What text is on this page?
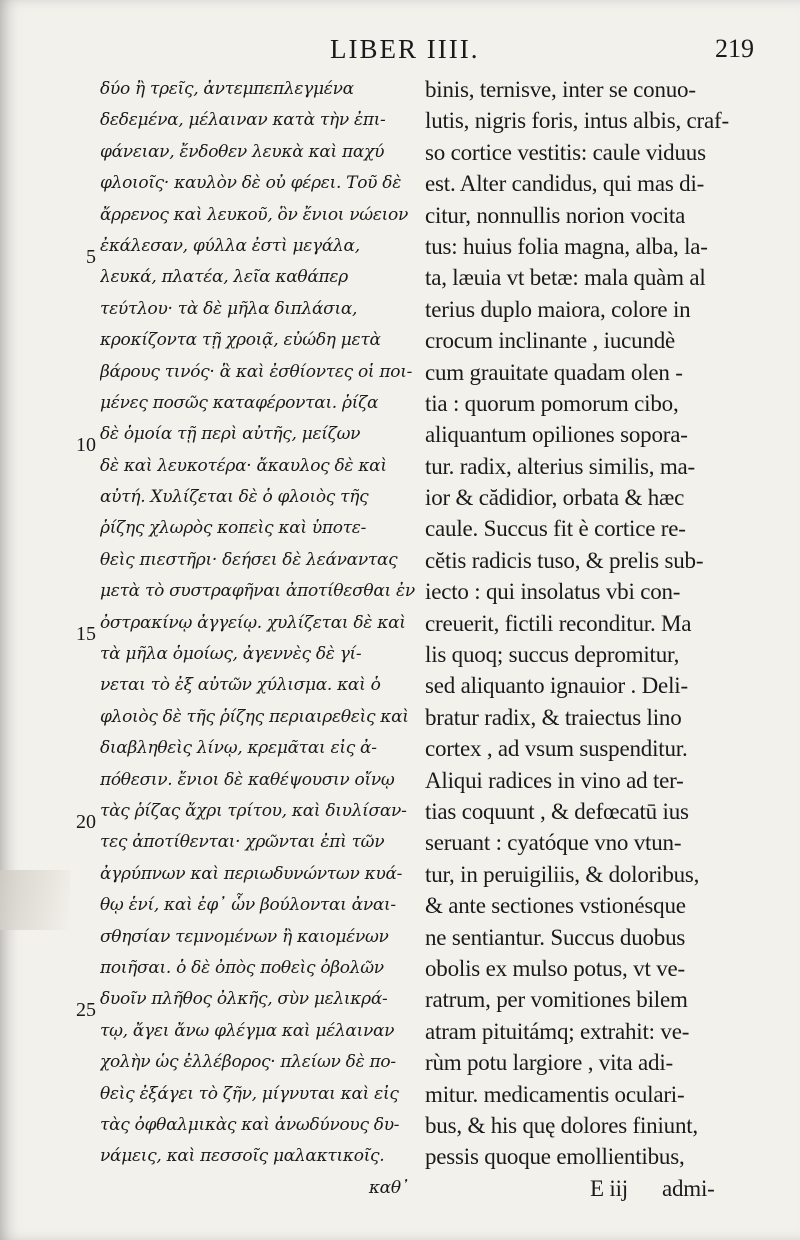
LIBER IIII.	219
5
10
15
20
25
δύο ἢ τρεῖς, ἀντεμπεπλεγμένα
δεδεμένα, μέλαιναν κατὰ τὴν ἐπι-
φάνειαν, ἔνδοθεν λευκὰ καὶ παχύ
φλοιοῖς· καυλὸν δὲ οὐ φέρει. Τοῦ δὲ
ἄρρενος καὶ λευκοῦ, ὃν ἔνιοι νώειον
ἐκάλεσαν, φύλλα ἐστὶ μεγάλα,
λευκά, πλατέα, λεῖα καθάπερ
τεύτλου· τὰ δὲ μῆλα διπλάσια,
κροκίζοντα τῇ χροιᾷ, εὐώδη μετὰ
βάρους τινός· ἃ καὶ ἐσθίοντες οἱ ποι-
μένες ποσῶς καταφέρονται. ῥίζα
δὲ ὁμοία τῇ περὶ αὐτῆς, μείζων
δὲ καὶ λευκοτέρα· ἄκαυλος δὲ καὶ
αὐτή. Χυλίζεται δὲ ὁ φλοιὸς τῆς
ῥίζης χλωρὸς κοπεὶς καὶ ὑποτε-
θεὶς πιεστῆρι· δεήσει δὲ λεάναντας
μετὰ τὸ συστραφῆναι ἀποτίθεσθαι ἐν
ὀστρακίνῳ ἀγγείῳ. χυλίζεται δὲ καὶ
τὰ μῆλα ὁμοίως, ἀγεννὲς δὲ γί-
νεται τὸ ἐξ αὐτῶν χύλισμα. καὶ ὁ
φλοιὸς δὲ τῆς ῥίζης περιαιρεθεὶς καὶ
διαβληθεὶς λίνῳ, κρεμᾶται εἰς ἀ-
πόθεσιν. ἔνιοι δὲ καθέψουσιν οἴνῳ
τὰς ῥίζας ἄχρι τρίτου, καὶ διυλίσαν-
τες ἀποτίθενται· χρῶνται ἐπὶ τῶν
ἀγρύπνων καὶ περιωδυνώντων κυά-
θῳ ἑνί, καὶ ἐφ᾽ ὧν βούλονται ἀναι-
σθησίαν τεμνομένων ἢ καιομένων
ποιῆσαι. ὁ δὲ ὀπὸς ποθεὶς ὀβολῶν
δυοῖν πλῆθος ὀλκῆς, σὺν μελικρά-
τῳ, ἄγει ἄνω φλέγμα καὶ μέλαιναν
χολὴν ὡς ἐλλέβορος· πλείων δὲ πο-
θεὶς ἐξάγει τὸ ζῆν, μίγνυται καὶ εἰς
τὰς ὀφθαλμικὰς καὶ ἀνωδύνους δυ-
νάμεις, καὶ πεσσοῖς μαλακτικοῖς.
καθ᾽
binis, ternisve, inter se conuo-
lutis, nigris foris, intus albis, craf-
so cortice vestitis: caule viduus
est. Alter candidus, qui mas di-
citur, nonnullis norion vocita
tus: huius folia magna, alba, la-
ta, læuia vt betæ: mala quàm al
terius duplo maiora, colore in
crocum inclinante , iucundè
cum grauitate quadam olen -
tia : quorum pomorum cibo,
aliquantum opiliones sopora-
tur. radix, alterius similis, ma-
ior & cădidior, orbata & hæc
caule. Succus fit è cortice re-
cĕtis radicis tuso, & prelis sub-
iecto : qui insolatus vbi con-
creuerit, fictili reconditur. Ma
lis quoq; succus depromitur,
sed aliquanto ignauior . Deli-
bratur radix, & traiectus lino
cortex , ad vsum suspenditur.
Aliqui radices in vino ad ter-
tias coquunt , & defœcatū ius
seruant : cyatóque vno vtun-
tur, in peruigiliis, & doloribus,
& ante sectiones vstionésque
ne sentiantur. Succus duobus
obolis ex mulso potus, vt ve-
ratrum, per vomitiones bilem
atram pituitámq; extrahit: ve-
rùm potu largiore , vita adi-
mitur. medicamentis oculari-
bus, & his quę dolores finiunt,
pessis quoque emollientibus,
E iij admi-
